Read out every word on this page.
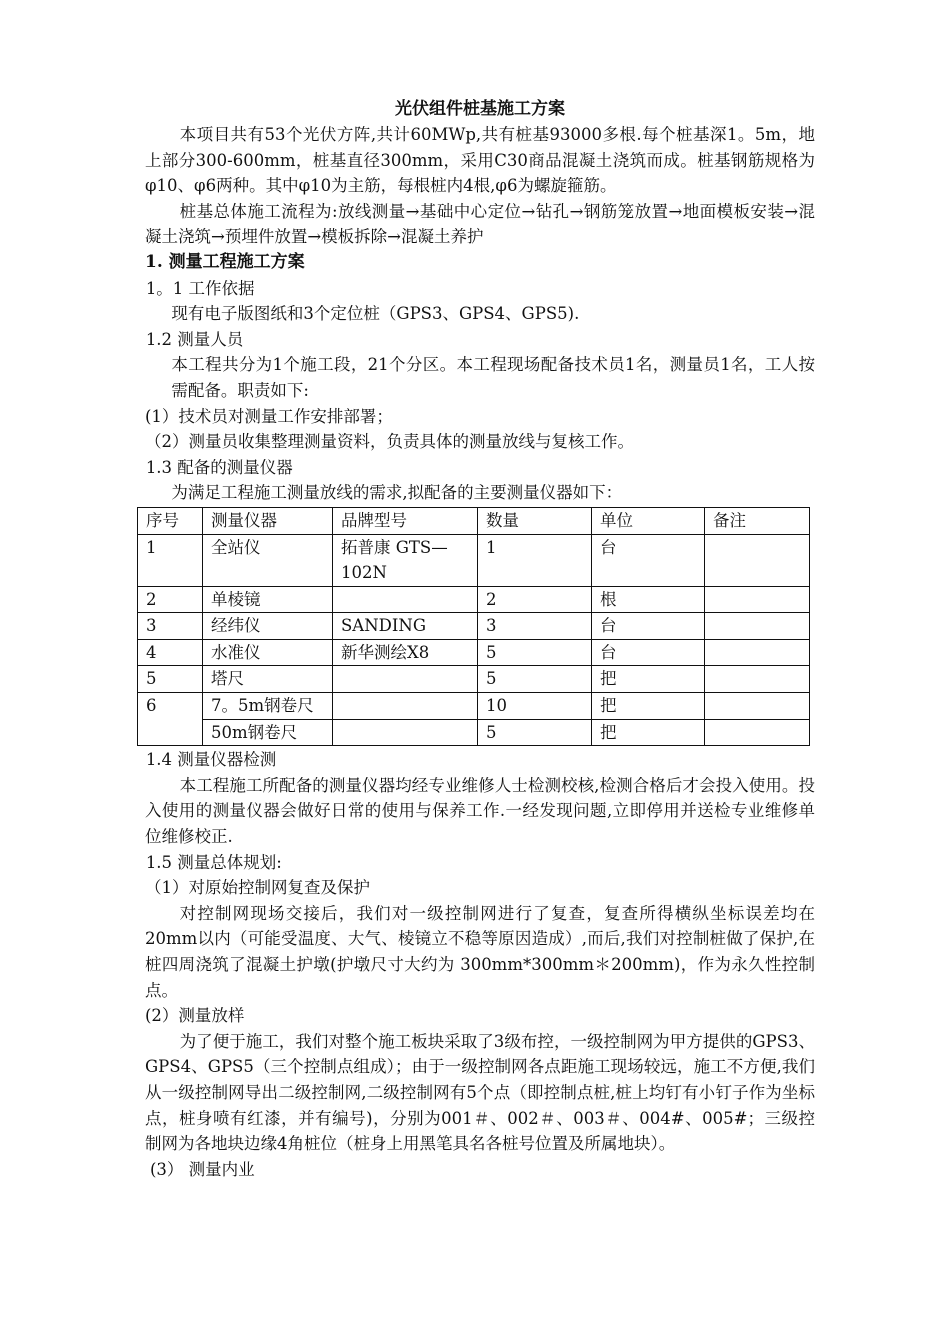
光伏组件桩基施工方案

本项目共有53个光伏方阵,共计60MWp,共有桩基93000多根.每个桩基深1。5m，地上部分300-600mm，桩基直径300mm，采用C30商品混凝土浇筑而成。桩基钢筋规格为φ10、φ6两种。其中φ10为主筋，每根桩内4根,φ6为螺旋箍筋。

桩基总体施工流程为:放线测量→基础中心定位→钻孔→钢筋笼放置→地面模板安装→混凝土浇筑→预埋件放置→模板拆除→混凝土养护

1. 测量工程施工方案

1。1 工作依据

现有电子版图纸和3个定位桩（GPS3、GPS4、GPS5).

1.2 测量人员

本工程共分为1个施工段，21个分区。本工程现场配备技术员1名，测量员1名，工人按需配备。职责如下:

(1）技术员对测量工作安排部署；

（2）测量员收集整理测量资料，负责具体的测量放线与复核工作。

1.3 配备的测量仪器

为满足工程施工测量放线的需求,拟配备的主要测量仪器如下：

序号	测量仪器	品牌型号	数量	单位	备注
1	全站仪	拓普康 GTS—102N	1	台	
2	单棱镜		2	根	
3	经纬仪	SANDING	3	台	
4	水准仪	新华测绘X8	5	台	
5	塔尺		5	把	
6	7。5m钢卷尺		10	把	
	50m钢卷尺		5	把	

1.4 测量仪器检测

本工程施工所配备的测量仪器均经专业维修人士检测校核,检测合格后才会投入使用。投入使用的测量仪器会做好日常的使用与保养工作.一经发现问题,立即停用并送检专业维修单位维修校正.

1.5 测量总体规划:

（1）对原始控制网复查及保护

对控制网现场交接后，我们对一级控制网进行了复查，复查所得横纵坐标误差均在20mm以内（可能受温度、大气、棱镜立不稳等原因造成）,而后,我们对控制桩做了保护,在桩四周浇筑了混凝土护墩(护墩尺寸大约为 300mm*300mm＊200mm)，作为永久性控制点。

(2）测量放样

为了便于施工，我们对整个施工板块采取了3级布控，一级控制网为甲方提供的GPS3、GPS4、GPS5（三个控制点组成）；由于一级控制网各点距施工现场较远，施工不方便,我们从一级控制网导出二级控制网,二级控制网有5个点（即控制点桩,桩上均钉有小钉子作为坐标点，桩身喷有红漆，并有编号)，分别为001＃、002＃、003＃、004#、005#；三级控制网为各地块边缘4角桩位（桩身上用黑笔具名各桩号位置及所属地块）。

(3） 测量内业
